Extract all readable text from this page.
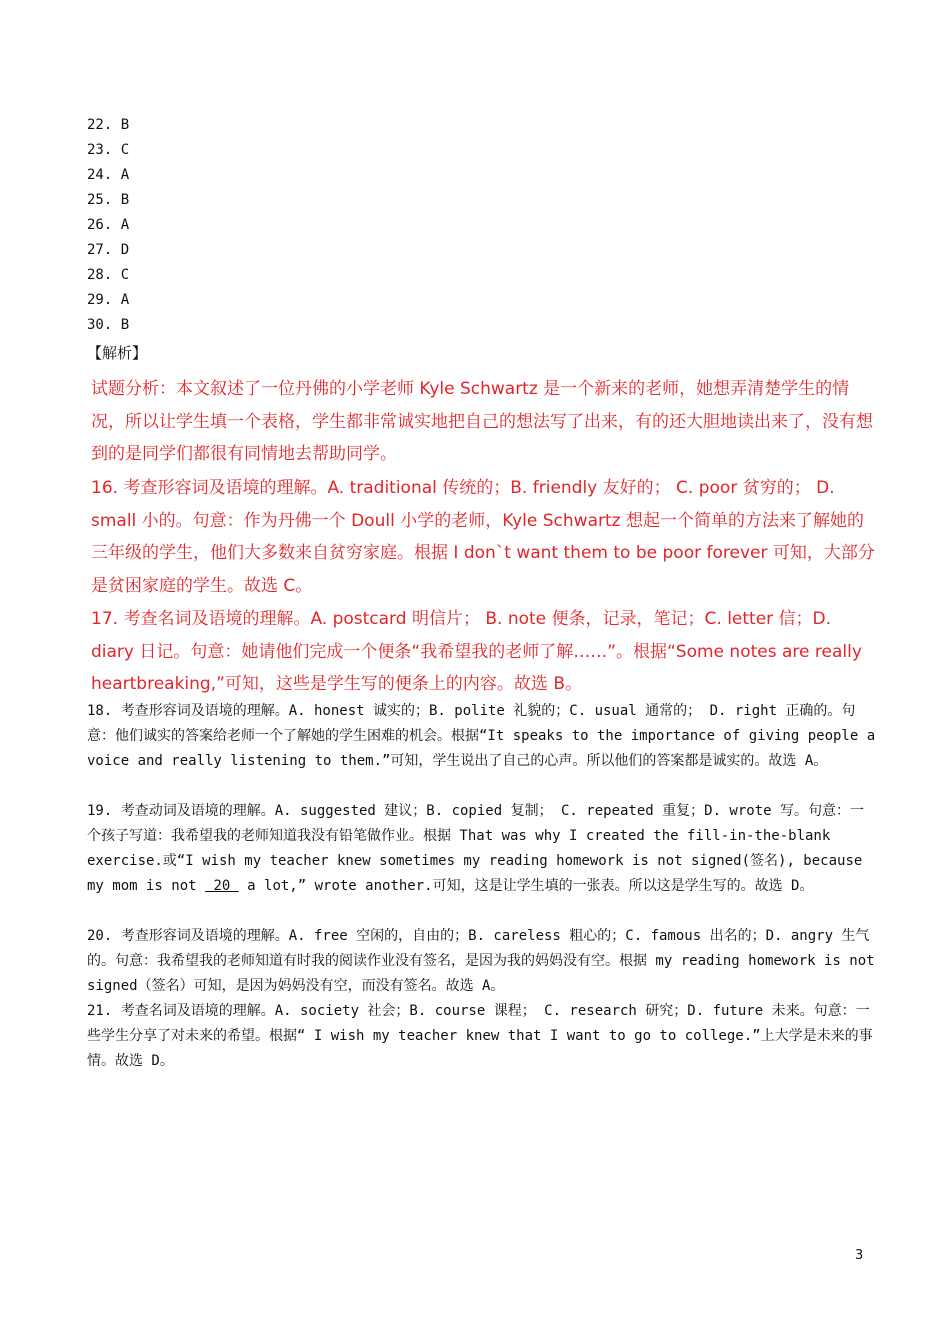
22. B
23. C
24. A
25. B
26. A
27. D
28. C
29. A
30. B
【解析】

试题分析：本文叙述了一位丹佛的小学老师 Kyle Schwartz 是一个新来的老师，她想弄清楚学生的情况，所以让学生填一个表格，学生都非常诚实地把自己的想法写了出来，有的还大胆地读出来了，没有想到的是同学们都很有同情地去帮助同学。

16. 考查形容词及语境的理解。A. traditional 传统的；B. friendly 友好的； C. poor 贫穷的； D. small 小的。句意：作为丹佛一个 Doull 小学的老师，Kyle Schwartz 想起一个简单的方法来了解她的三年级的学生，他们大多数来自贫穷家庭。根据 I don`t want them to be poor forever 可知，大部分是贫困家庭的学生。故选 C。

17. 考查名词及语境的理解。A. postcard 明信片； B. note 便条，记录，笔记；C. letter 信；D. diary 日记。句意：她请他们完成一个便条“我希望我的老师了解……”。根据“Some notes are really heartbreaking,”可知，这些是学生写的便条上的内容。故选 B。

18. 考查形容词及语境的理解。A. honest 诚实的；B. polite 礼貌的；C. usual 通常的； D. right 正确的。句意：他们诚实的答案给老师一个了解她的学生困难的机会。根据“It speaks to the importance of giving people a voice and really listening to them.”可知，学生说出了自己的心声。所以他们的答案都是诚实的。故选 A。

19. 考查动词及语境的理解。A. suggested 建议；B. copied 复制； C. repeated 重复；D. wrote 写。句意：一个孩子写道：我希望我的老师知道我没有铅笔做作业。根据 That was why I created the fill-in-the-blank exercise.或“I wish my teacher knew sometimes my reading homework is not signed(签名), because my mom is not  20  a lot,” wrote another.可知，这是让学生填的一张表。所以这是学生写的。故选 D。

20. 考查形容词及语境的理解。A. free 空闲的，自由的；B. careless 粗心的；C. famous 出名的；D. angry 生气的。句意：我希望我的老师知道有时我的阅读作业没有签名，是因为我的妈妈没有空。根据 my reading homework is not signed（签名）可知，是因为妈妈没有空，而没有签名。故选 A。

21. 考查名词及语境的理解。A. society 社会；B. course 课程； C. research 研究；D. future 未来。句意：一些学生分享了对未来的希望。根据“ I wish my teacher knew that I want to go to college.”上大学是未来的事情。故选 D。

3
